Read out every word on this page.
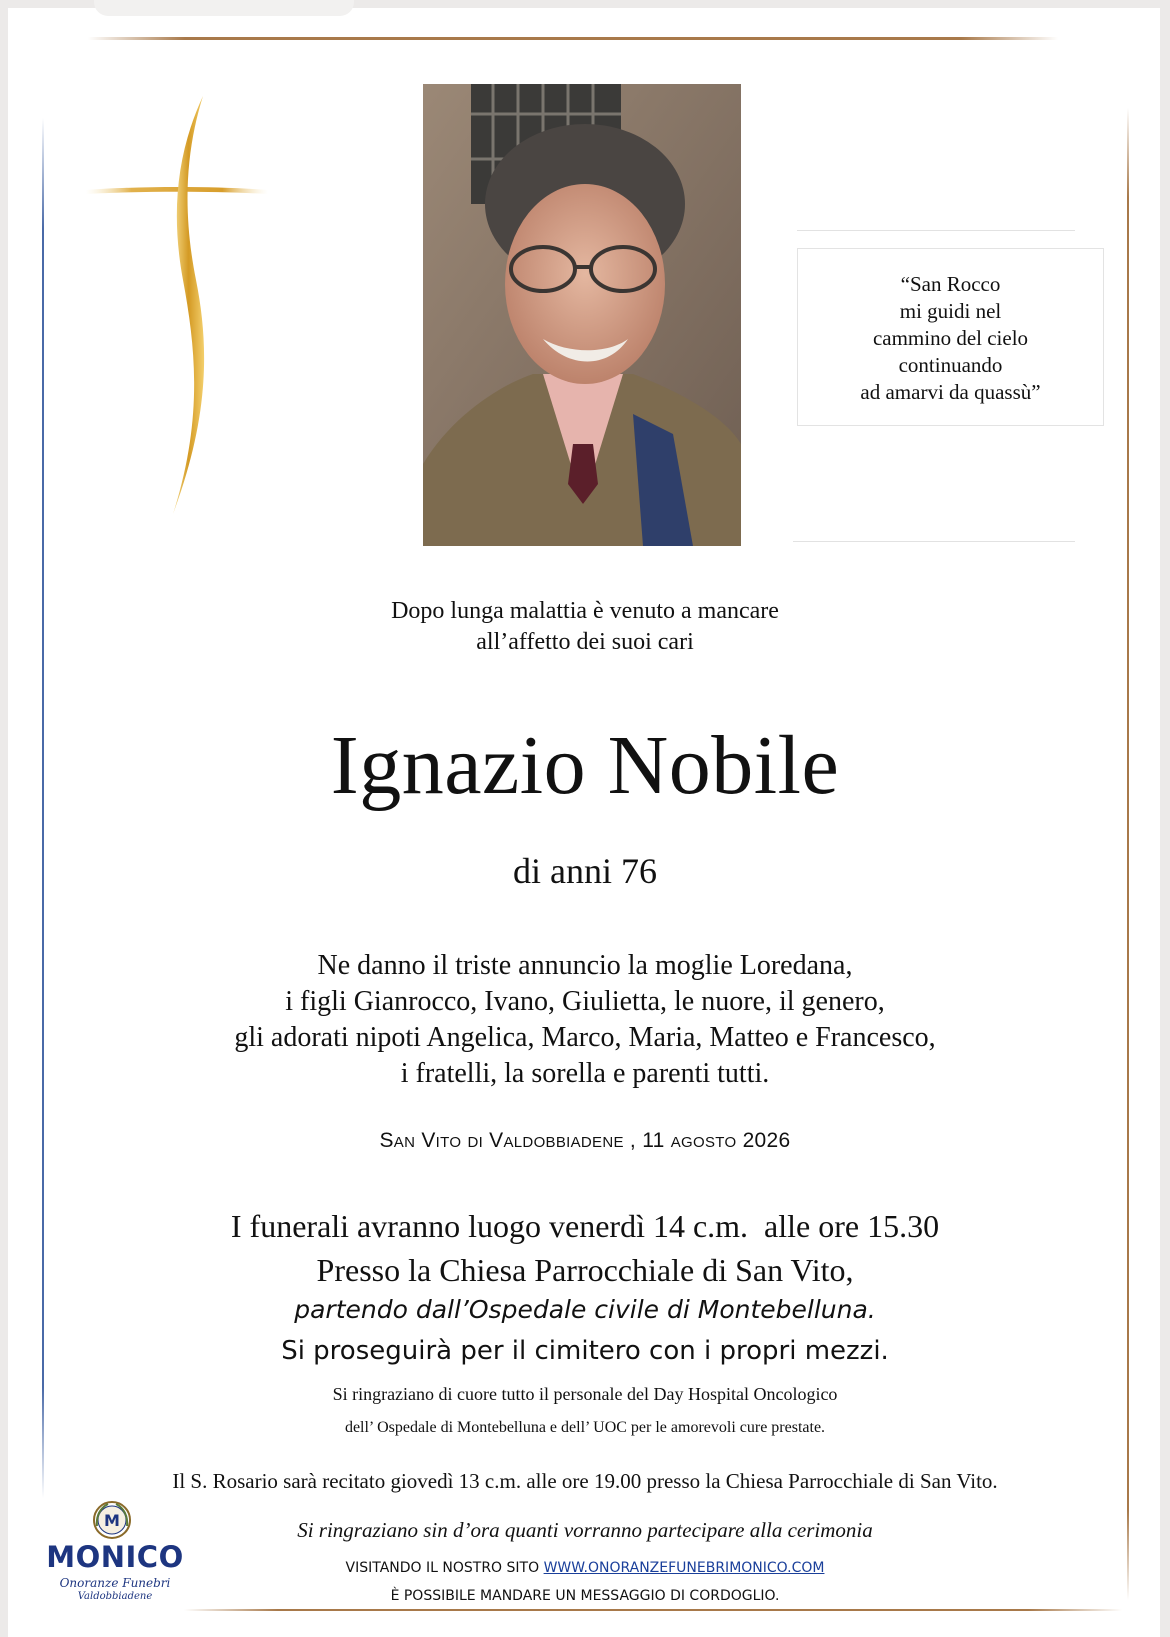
“San Rocco
mi guidi nel
cammino del cielo
continuando
ad amarvi da quassù”
Dopo lunga malattia è venuto a mancare
all’affetto dei suoi cari
Ignazio Nobile
di anni 76
Ne danno il triste annuncio la moglie Loredana,
i figli Gianrocco, Ivano, Giulietta, le nuore, il genero,
gli adorati nipoti Angelica, Marco, Maria, Matteo e Francesco,
i fratelli, la sorella e parenti tutti.
San Vito di Valdobbiadene , 11 agosto 2026
I funerali avranno luogo venerdì 14 c.m.  alle ore 15.30
Presso la Chiesa Parrocchiale di San Vito,
partendo dall’Ospedale civile di Montebelluna.
Si proseguirà per il cimitero con i propri mezzi.
Si ringraziano di cuore tutto il personale del Day Hospital Oncologico
dell’ Ospedale di Montebelluna e dell’ UOC per le amorevoli cure prestate.
Il S. Rosario sarà recitato giovedì 13 c.m. alle ore 19.00 presso la Chiesa Parrocchiale di San Vito.
Si ringraziano sin d’ora quanti vorranno partecipare alla cerimonia
VISITANDO IL NOSTRO SITO WWW.ONORANZEFUNEBRIMONICO.COM
È POSSIBILE MANDARE UN MESSAGGIO DI CORDOGLIO.
M
MONICO
Onoranze Funebri
Valdobbiadene
